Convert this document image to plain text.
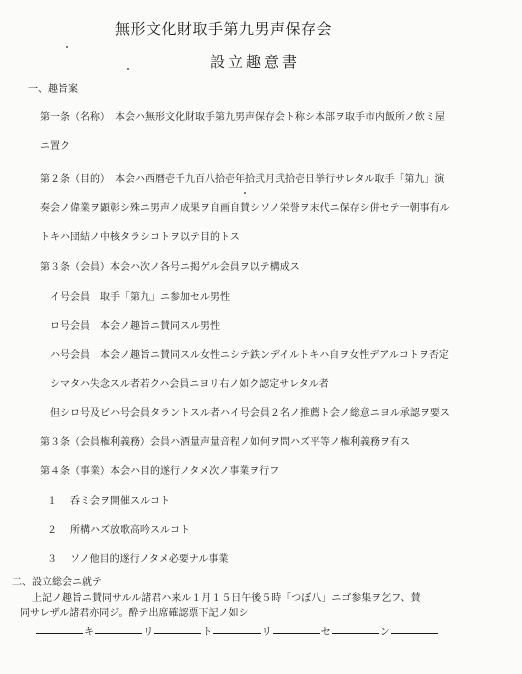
無形文化財取手第九男声保存会
設立趣意書
一、趣旨案
第一条（名称）　本会ハ無形文化財取手第九男声保存会ト称シ本部ヲ取手市内飯所ノ飲ミ屋
ニ置ク
第２条（目的）　本会ハ西暦壱千九百八拾壱年拾弐月弐拾壱日挙行サレタル取手「第九」演
奏会ノ偉業ヲ顕彰シ殊ニ男声ノ成果ヲ自画自賛シソノ栄誉ヲ末代ニ保存シ併セテ一朝事有ル
トキハ団結ノ中核タラシコトヲ以テ目的トス
第３条（会員）本会ハ次ノ各号ニ掲ゲル会員ヲ以テ構成ス
イ号会員　取手「第九」ニ参加セル男性
ロ号会員　本会ノ趣旨ニ賛同スル男性
ハ号会員　本会ノ趣旨ニ賛同スル女性ニシテ鉄ンデイルトキハ自ヲ女性デアルコトヲ否定
シマタハ失念スル者若クハ会員ニヨリ右ノ如ク認定サレタル者
但シロ号及ビハ号会員タラントスル者ハイ号会員２名ノ推薦ト会ノ総意ニヨル承認ヲ要ス
第３条（会員権利義務）会員ハ酒量声量音程ノ如何ヲ問ハズ平等ノ権利義務ヲ有ス
第４条（事業）本会ハ目的遂行ノタメ次ノ事業ヲ行フ
１ 呑ミ会ヲ開催スルコト
２ 所構ハズ放歌高吟スルコト
３ ソノ他目的遂行ノタメ必要ナル事業
二、設立総会ニ就テ
上記ノ趣旨ニ賛同サルル諸君ハ来ル１月１５日午後５時「つぼ八」ニゴ参集ヲ乞フ、賛
同サレザル諸君亦同ジ。酔テ出席確認票下記ノ如シ
キ	リ	ト	リ	セ	ン
